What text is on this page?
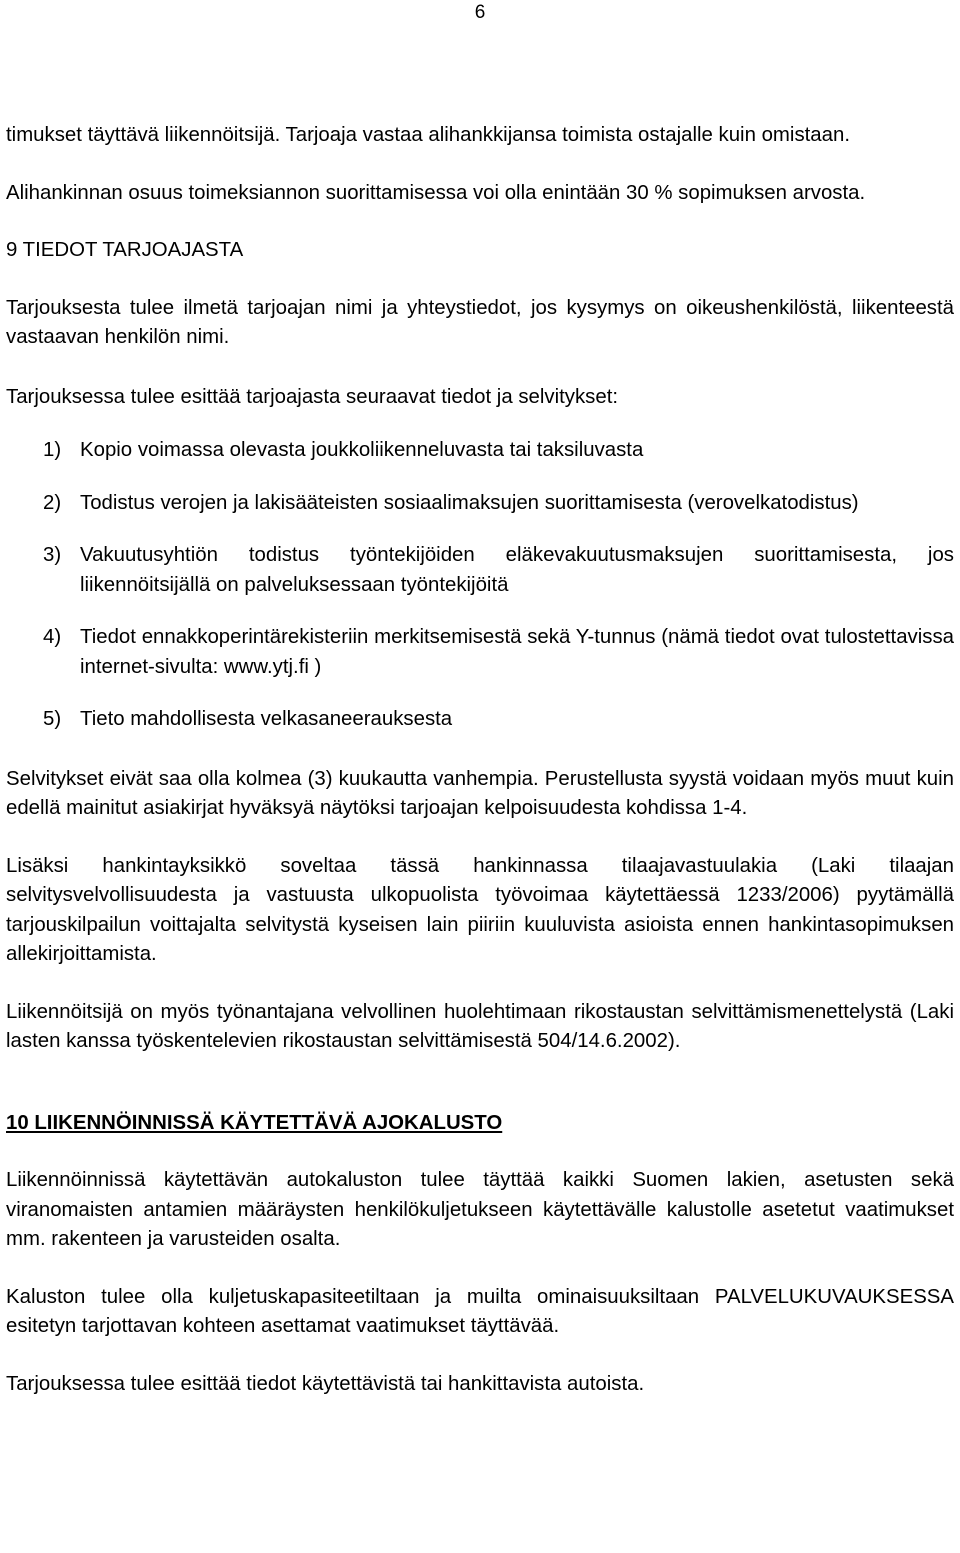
6

timukset täyttävä liikennöitsijä. Tarjoaja vastaa alihankkijansa toimista ostajalle kuin omistaan.

Alihankinnan osuus toimeksiannon suorittamisessa voi olla enintään 30 % sopimuksen arvosta.

9 TIEDOT TARJOAJASTA

Tarjouksesta tulee ilmetä tarjoajan nimi ja yhteystiedot, jos kysymys on oikeushenkilöstä, liikenteestä vastaavan henkilön nimi.

Tarjouksessa tulee esittää tarjoajasta seuraavat tiedot ja selvitykset:

1) Kopio voimassa olevasta joukkoliikenneluvasta tai taksiluvasta
2) Todistus verojen ja lakisääteisten sosiaalimaksujen suorittamisesta (verovelkatodistus)
3) Vakuutusyhtiön todistus työntekijöiden eläkevakuutusmaksujen suorittamisesta, jos liikennöitsijällä on palveluksessaan työntekijöitä
4) Tiedot ennakkoperintärekisteriin merkitsemisestä sekä Y-tunnus (nämä tiedot ovat tulostettavissa internet-sivulta: www.ytj.fi )
5) Tieto mahdollisesta velkasaneerauksesta

Selvitykset eivät saa olla kolmea (3) kuukautta vanhempia. Perustellusta syystä voidaan myös muut kuin edellä mainitut asiakirjat hyväksyä näytöksi tarjoajan kelpoisuudesta kohdissa 1-4.

Lisäksi hankintayksikkö soveltaa tässä hankinnassa tilaajavastuulakia (Laki tilaajan selvitysvelvollisuudesta ja vastuusta ulkopuolista työvoimaa käytettäessä 1233/2006) pyytämällä tarjouskilpailun voittajalta selvitystä kyseisen lain piiriin kuuluvista asioista ennen hankintasopimuksen allekirjoittamista.

Liikennöitsijä on myös työnantajana velvollinen huolehtimaan rikostaustan selvittämismenettelystä (Laki lasten kanssa työskentelevien rikostaustan selvittämisestä 504/14.6.2002).

10 LIIKENNÖINNISSÄ KÄYTETTÄVÄ AJOKALUSTO

Liikennöinnissä käytettävän autokaluston tulee täyttää kaikki Suomen lakien, asetusten sekä viranomaisten antamien määräysten henkilökuljetukseen käytettävälle kalustolle asetetut vaatimukset mm. rakenteen ja varusteiden osalta.

Kaluston tulee olla kuljetuskapasiteetiltaan ja muilta ominaisuuksiltaan PALVELUKUVAUKSESSA esitetyn tarjottavan kohteen asettamat vaatimukset täyttävää.

Tarjouksessa tulee esittää tiedot käytettävistä tai hankittavista autoista.
